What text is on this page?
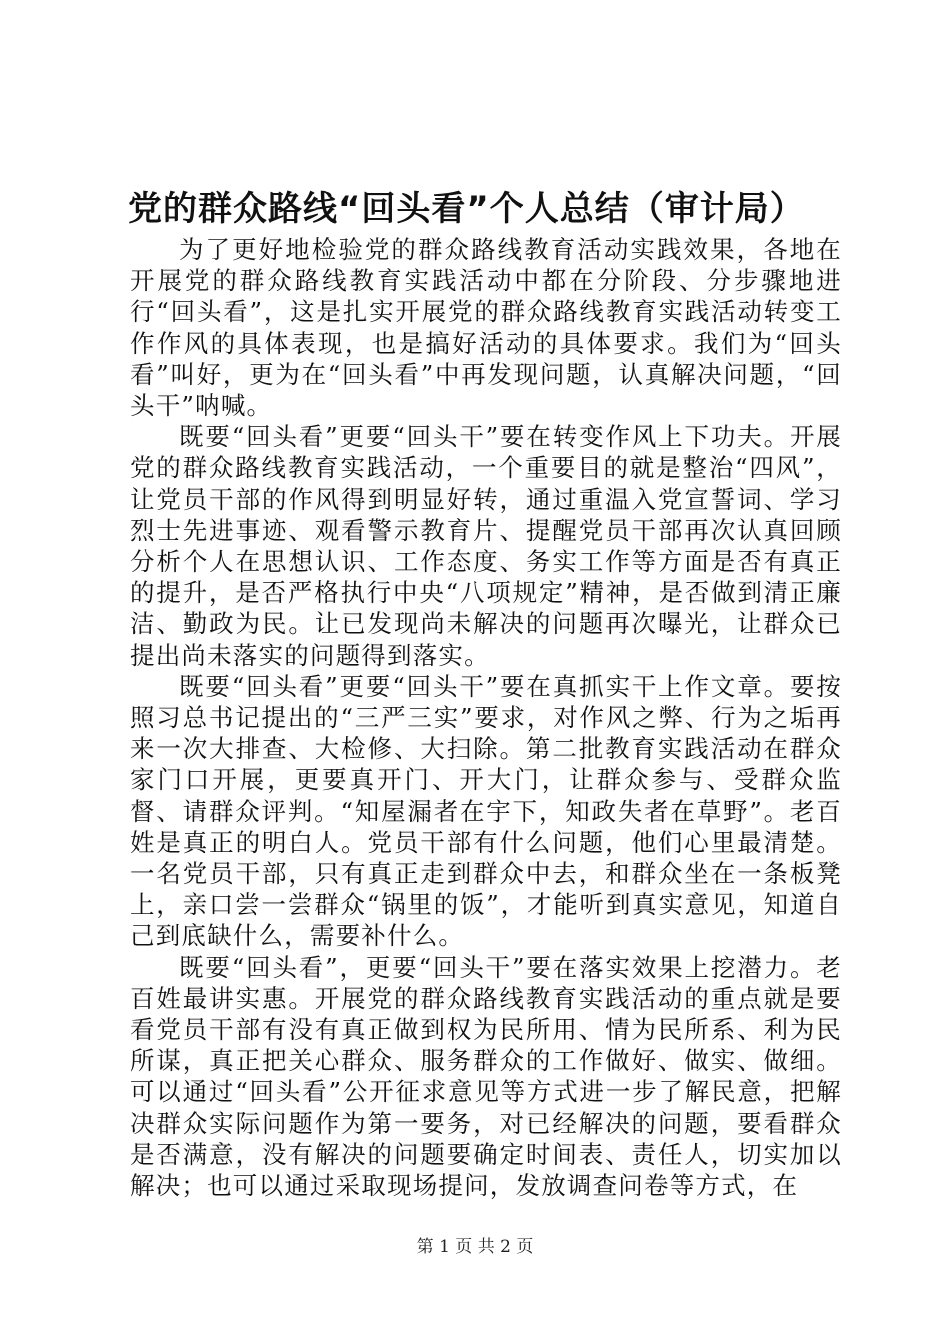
党的群众路线“回头看”个人总结（审计局）

为了更好地检验党的群众路线教育活动实践效果，各地在开展党的群众路线教育实践活动中都在分阶段、分步骤地进行“回头看”，这是扎实开展党的群众路线教育实践活动转变工作作风的具体表现，也是搞好活动的具体要求。我们为“回头看”叫好，更为在“回头看”中再发现问题，认真解决问题，“回头干”呐喊。

既要“回头看”更要“回头干”要在转变作风上下功夫。开展党的群众路线教育实践活动，一个重要目的就是整治“四风”，让党员干部的作风得到明显好转，通过重温入党宣誓词、学习烈士先进事迹、观看警示教育片、提醒党员干部再次认真回顾分析个人在思想认识、工作态度、务实工作等方面是否有真正的提升，是否严格执行中央“八项规定”精神，是否做到清正廉洁、勤政为民。让已发现尚未解决的问题再次曝光，让群众已提出尚未落实的问题得到落实。

既要“回头看”更要“回头干”要在真抓实干上作文章。要按照习总书记提出的“三严三实”要求，对作风之弊、行为之垢再来一次大排查、大检修、大扫除。第二批教育实践活动在群众家门口开展，更要真开门、开大门，让群众参与、受群众监督、请群众评判。“知屋漏者在宇下，知政失者在草野”。老百姓是真正的明白人。党员干部有什么问题，他们心里最清楚。一名党员干部，只有真正走到群众中去，和群众坐在一条板凳上，亲口尝一尝群众“锅里的饭”，才能听到真实意见，知道自己到底缺什么，需要补什么。

既要“回头看”，更要“回头干”要在落实效果上挖潜力。老百姓最讲实惠。开展党的群众路线教育实践活动的重点就是要看党员干部有没有真正做到权为民所用、情为民所系、利为民所谋，真正把关心群众、服务群众的工作做好、做实、做细。可以通过“回头看”公开征求意见等方式进一步了解民意，把解决群众实际问题作为第一要务，对已经解决的问题，要看群众是否满意，没有解决的问题要确定时间表、责任人，切实加以解决；也可以通过采取现场提问，发放调查问卷等方式，在

第 1 页 共 2 页
